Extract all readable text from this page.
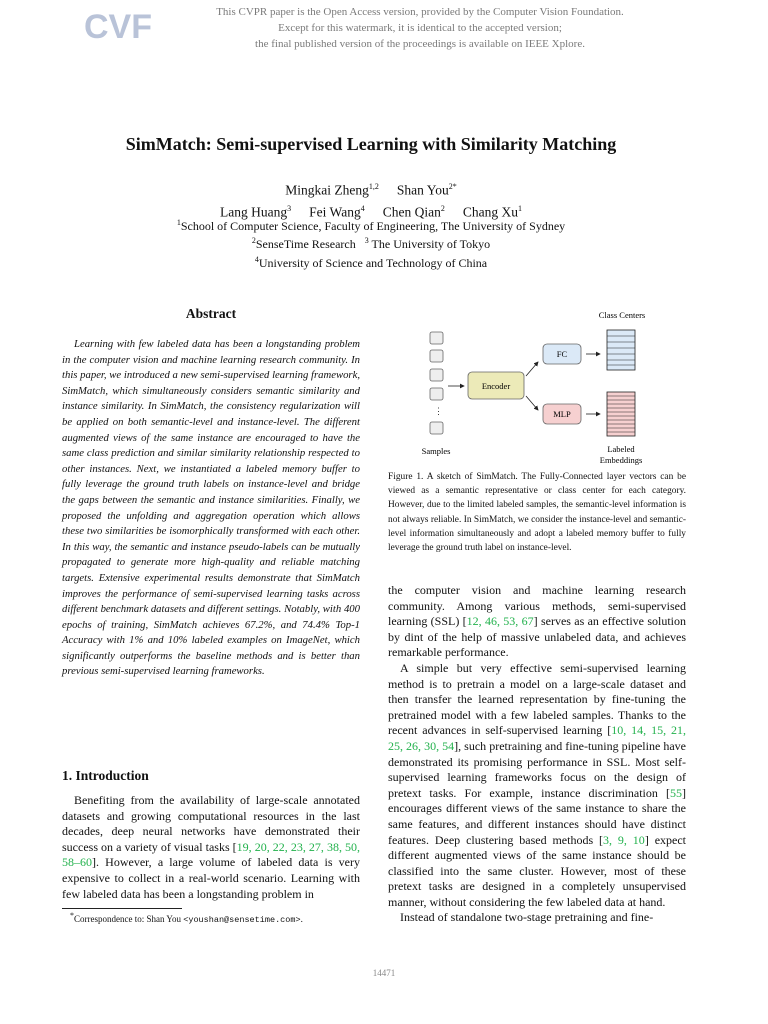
CVF	This CVPR paper is the Open Access version, provided by the Computer Vision Foundation.
Except for this watermark, it is identical to the accepted version;
the final published version of the proceedings is available on IEEE Xplore.
SimMatch: Semi-supervised Learning with Similarity Matching
Mingkai Zheng$^{1,2}$ Shan You$^{2*}$
Lang Huang$^3$ Fei Wang$^4$ Chen Qian$^2$ Chang Xu$^1$
$^1$School of Computer Science, Faculty of Engineering, The University of Sydney
$^2$SenseTime Research $^3$ The University of Tokyo
$^4$University of Science and Technology of China
Abstract
Learning with few labeled data has been a longstanding problem in the computer vision and machine learning research community. In this paper, we introduced a new semi-supervised learning framework, SimMatch, which simultaneously considers semantic similarity and instance similarity. In SimMatch, the consistency regularization will be applied on both semantic-level and instance-level. The different augmented views of the same instance are encouraged to have the same class prediction and similar similarity relationship respected to other instances. Next, we instantiated a labeled memory buffer to fully leverage the ground truth labels on instance-level and bridge the gaps between the semantic and instance similarities. Finally, we proposed the unfolding and aggregation operation which allows these two similarities be isomorphically transformed with each other. In this way, the semantic and instance pseudo-labels can be mutually propagated to generate more high-quality and reliable matching targets. Extensive experimental results demonstrate that SimMatch improves the performance of semi-supervised learning tasks across different benchmark datasets and different settings. Notably, with 400 epochs of training, SimMatch achieves 67.2%, and 74.4% Top-1 Accuracy with 1% and 10% labeled examples on ImageNet, which significantly outperforms the baseline methods and is better than previous semi-supervised learning frameworks.
1. Introduction
Benefiting from the availability of large-scale annotated datasets and growing computational resources in the last decades, deep neural networks have demonstrated their success on a variety of visual tasks [19, 20, 22, 23, 27, 38, 50, 58–60]. However, a large volume of labeled data is very expensive to collect in a real-world scenario. Learning with few labeled data has been a longstanding problem in
*Correspondence to: Shan You <youshan@sensetime.com>.
⋮
Samples
Encoder
FC
MLP
Class Centers
Labeled
Embeddings
Figure 1. A sketch of SimMatch. The Fully-Connected layer vectors can be viewed as a semantic representative or class center for each category. However, due to the limited labeled samples, the semantic-level information is not always reliable. In SimMatch, we consider the instance-level and semantic-level information simultaneously and adopt a labeled memory buffer to fully leverage the ground truth label on instance-level.

the computer vision and machine learning research community. Among various methods, semi-supervised learning (SSL) [12, 46, 53, 67] serves as an effective solution by dint of the help of massive unlabeled data, and achieves remarkable performance.

A simple but very effective semi-supervised learning method is to pretrain a model on a large-scale dataset and then transfer the learned representation by fine-tuning the pretrained model with a few labeled samples. Thanks to the recent advances in self-supervised learning [10, 14, 15, 21, 25, 26, 30, 54], such pretraining and fine-tuning pipeline have demonstrated its promising performance in SSL. Most self-supervised learning frameworks focus on the design of pretext tasks. For example, instance discrimination [55] encourages different views of the same instance to share the same features, and different instances should have distinct features. Deep clustering based methods [3, 9, 10] expect different augmented views of the same instance should be classified into the same cluster. However, most of these pretext tasks are designed in a completely unsupervised manner, without considering the few labeled data at hand.

Instead of standalone two-stage pretraining and fine-

14471
